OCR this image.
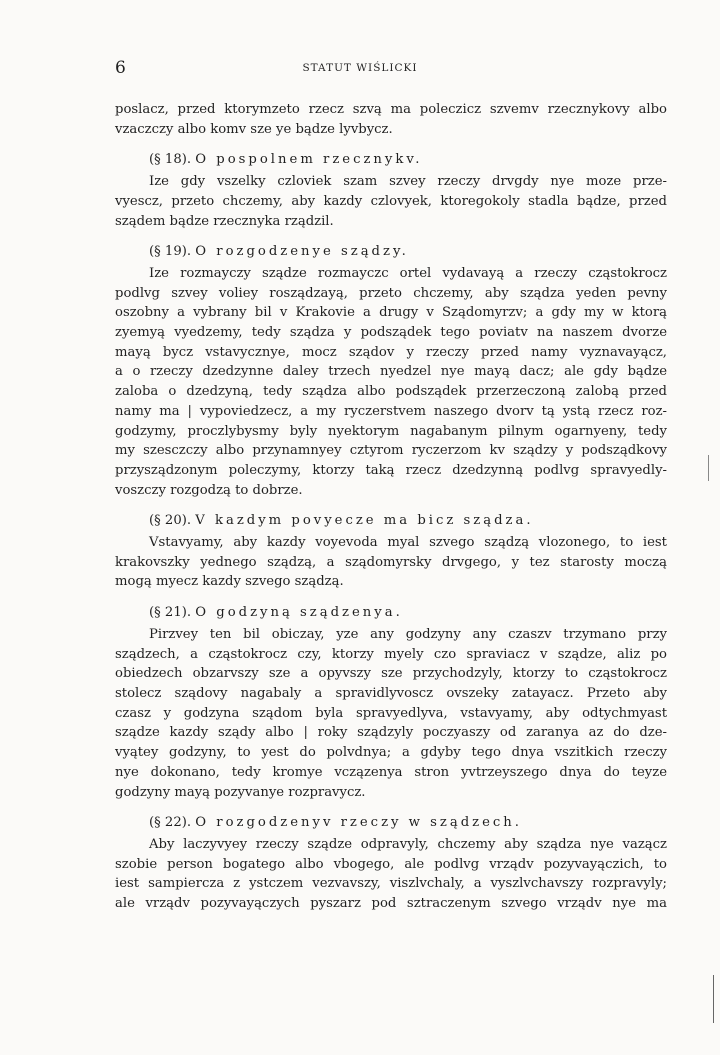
6	STATUT WIŚLICKI
poslacz, przed ktorymzeto rzecz szvą ma poleczicz szvemv rzecznykovy albo
vzaczczy albo komv sze ye bądze lyvbycz.
(§ 18). O pospolnem rzecznykv.
Ize gdy vszelky czloviek szam szvey rzeczy drvgdy nye moze prze-
vyescz, przeto chczemy, aby kazdy czlovyek, ktoregokoly stadla bądze, przed
sządem bądze rzecznyka rządzil.
(§ 19). O rozgodzenye sządzy.
Ize rozmayczy sządze rozmayczc ortel vydavayą a rzeczy cząstokrocz
podlvg szvey voliey rosządzayą, przeto chczemy, aby sządza yeden pevny
oszobny a vybrany bil v Krakovie a drugy v Sządomyrzv; a gdy my w ktorą
zyemyą vyedzemy, tedy sządza y podsządek tego poviatv na naszem dvorze
mayą bycz vstavycznye, mocz sządov y rzeczy przed namy vyznavayącz,
a o rzeczy dzedzynne daley trzech nyedzel nye mayą dacz; ale gdy bądze
zaloba o dzedzyną, tedy sządza albo podsządek przerzeczoną zalobą przed
namy ma | vypoviedzecz, a my ryczerstvem naszego dvorv tą ystą rzecz roz-
godzymy, proczlybysmy byly nyektorym nagabanym pilnym ogarnyeny, tedy
my szesczczy albo przynamnyey cztyrom ryczerzom kv sządzy y podsządkovy
przysządzonym poleczymy, ktorzy taką rzecz dzedzynną podlvg spravyedly-
voszczy rozgodzą to dobrze.
(§ 20). V kazdym povyecze ma bicz sządza.
Vstavyamy, aby kazdy voyevoda myal szvego sządzą vlozonego, to iest
krakovszky yednego sządzą, a sządomyrsky drvgego, y tez starosty moczą
mogą myecz kazdy szvego sządzą.
(§ 21). O godzyną sządzenya.
Pirzvey ten bil obiczay, yze any godzyny any czaszv trzymano przy
sządzech, a cząstokrocz czy, ktorzy myely czo spraviacz v sządze, aliz po
obiedzech obzarvszy sze a opyvszy sze przychodzyly, ktorzy to cząstokrocz
stolecz sządovy nagabaly a spravidlyvoscz ovszeky zatayacz. Przeto aby
czasz y godzyna sządom byla spravyedlyva, vstavyamy, aby odtychmyast
sządze kazdy sządy albo | roky sządzyly poczyaszy od zaranya az do dze-
vyątey godzyny, to yest do polvdnya; a gdyby tego dnya vszitkich rzeczy
nye dokonano, tedy kromye vczązenya stron yvtrzeyszego dnya do teyze
godzyny mayą pozyvanye rozpravycz.
(§ 22). O rozgodzenyv rzeczy w sządzech.
Aby laczyvyey rzeczy sządze odpravyly, chczemy aby sządza nye vazącz
szobie person bogatego albo vbogego, ale podlvg vrządv pozyvayączich, to
iest sampiercza z ystczem vezvavszy, viszlvchaly, a vyszlvchavszy rozpravyly;
ale vrządv pozyvayączych pyszarz pod sztraczenym szvego vrządv nye ma
